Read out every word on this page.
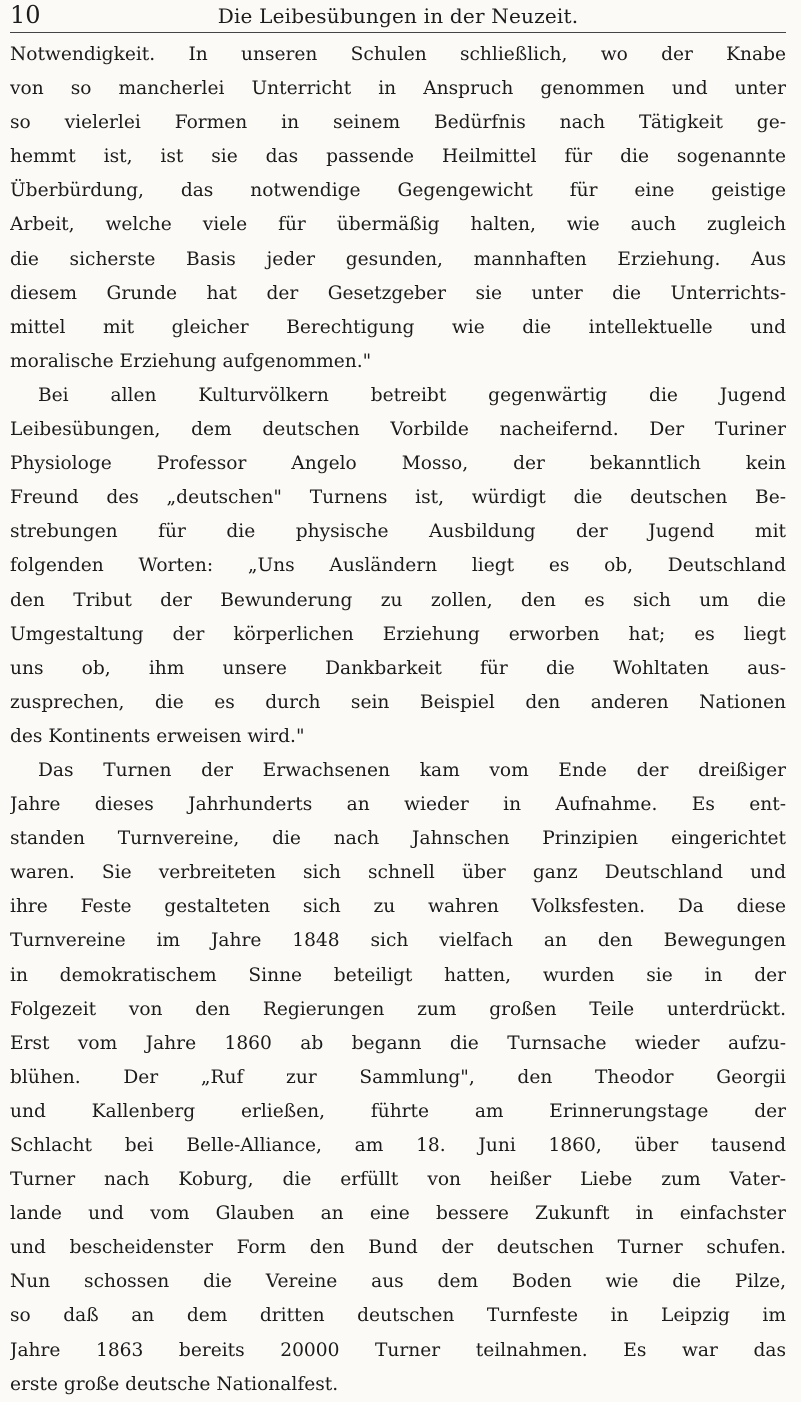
10	Die Leibesübungen in der Neuzeit.
Notwendigkeit. In unseren Schulen schließlich, wo der Knabe
von so mancherlei Unterricht in Anspruch genommen und unter
so vielerlei Formen in seinem Bedürfnis nach Tätigkeit ge-
hemmt ist, ist sie das passende Heilmittel für die sogenannte
Überbürdung, das notwendige Gegengewicht für eine geistige
Arbeit, welche viele für übermäßig halten, wie auch zugleich
die sicherste Basis jeder gesunden, mannhaften Erziehung. Aus
diesem Grunde hat der Gesetzgeber sie unter die Unterrichts-
mittel mit gleicher Berechtigung wie die intellektuelle und
moralische Erziehung aufgenommen."
Bei allen Kulturvölkern betreibt gegenwärtig die Jugend
Leibesübungen, dem deutschen Vorbilde nacheifernd. Der Turiner
Physiologe Professor Angelo Mosso, der bekanntlich kein
Freund des „deutschen" Turnens ist, würdigt die deutschen Be-
strebungen für die physische Ausbildung der Jugend mit
folgenden Worten: „Uns Ausländern liegt es ob, Deutschland
den Tribut der Bewunderung zu zollen, den es sich um die
Umgestaltung der körperlichen Erziehung erworben hat; es liegt
uns ob, ihm unsere Dankbarkeit für die Wohltaten aus-
zusprechen, die es durch sein Beispiel den anderen Nationen
des Kontinents erweisen wird."
Das Turnen der Erwachsenen kam vom Ende der dreißiger
Jahre dieses Jahrhunderts an wieder in Aufnahme. Es ent-
standen Turnvereine, die nach Jahnschen Prinzipien eingerichtet
waren. Sie verbreiteten sich schnell über ganz Deutschland und
ihre Feste gestalteten sich zu wahren Volksfesten. Da diese
Turnvereine im Jahre 1848 sich vielfach an den Bewegungen
in demokratischem Sinne beteiligt hatten, wurden sie in der
Folgezeit von den Regierungen zum großen Teile unterdrückt.
Erst vom Jahre 1860 ab begann die Turnsache wieder aufzu-
blühen. Der „Ruf zur Sammlung", den Theodor Georgii
und Kallenberg erließen, führte am Erinnerungstage der
Schlacht bei Belle-Alliance, am 18. Juni 1860, über tausend
Turner nach Koburg, die erfüllt von heißer Liebe zum Vater-
lande und vom Glauben an eine bessere Zukunft in einfachster
und bescheidenster Form den Bund der deutschen Turner schufen.
Nun schossen die Vereine aus dem Boden wie die Pilze,
so daß an dem dritten deutschen Turnfeste in Leipzig im
Jahre 1863 bereits 20000 Turner teilnahmen. Es war das
erste große deutsche Nationalfest.
